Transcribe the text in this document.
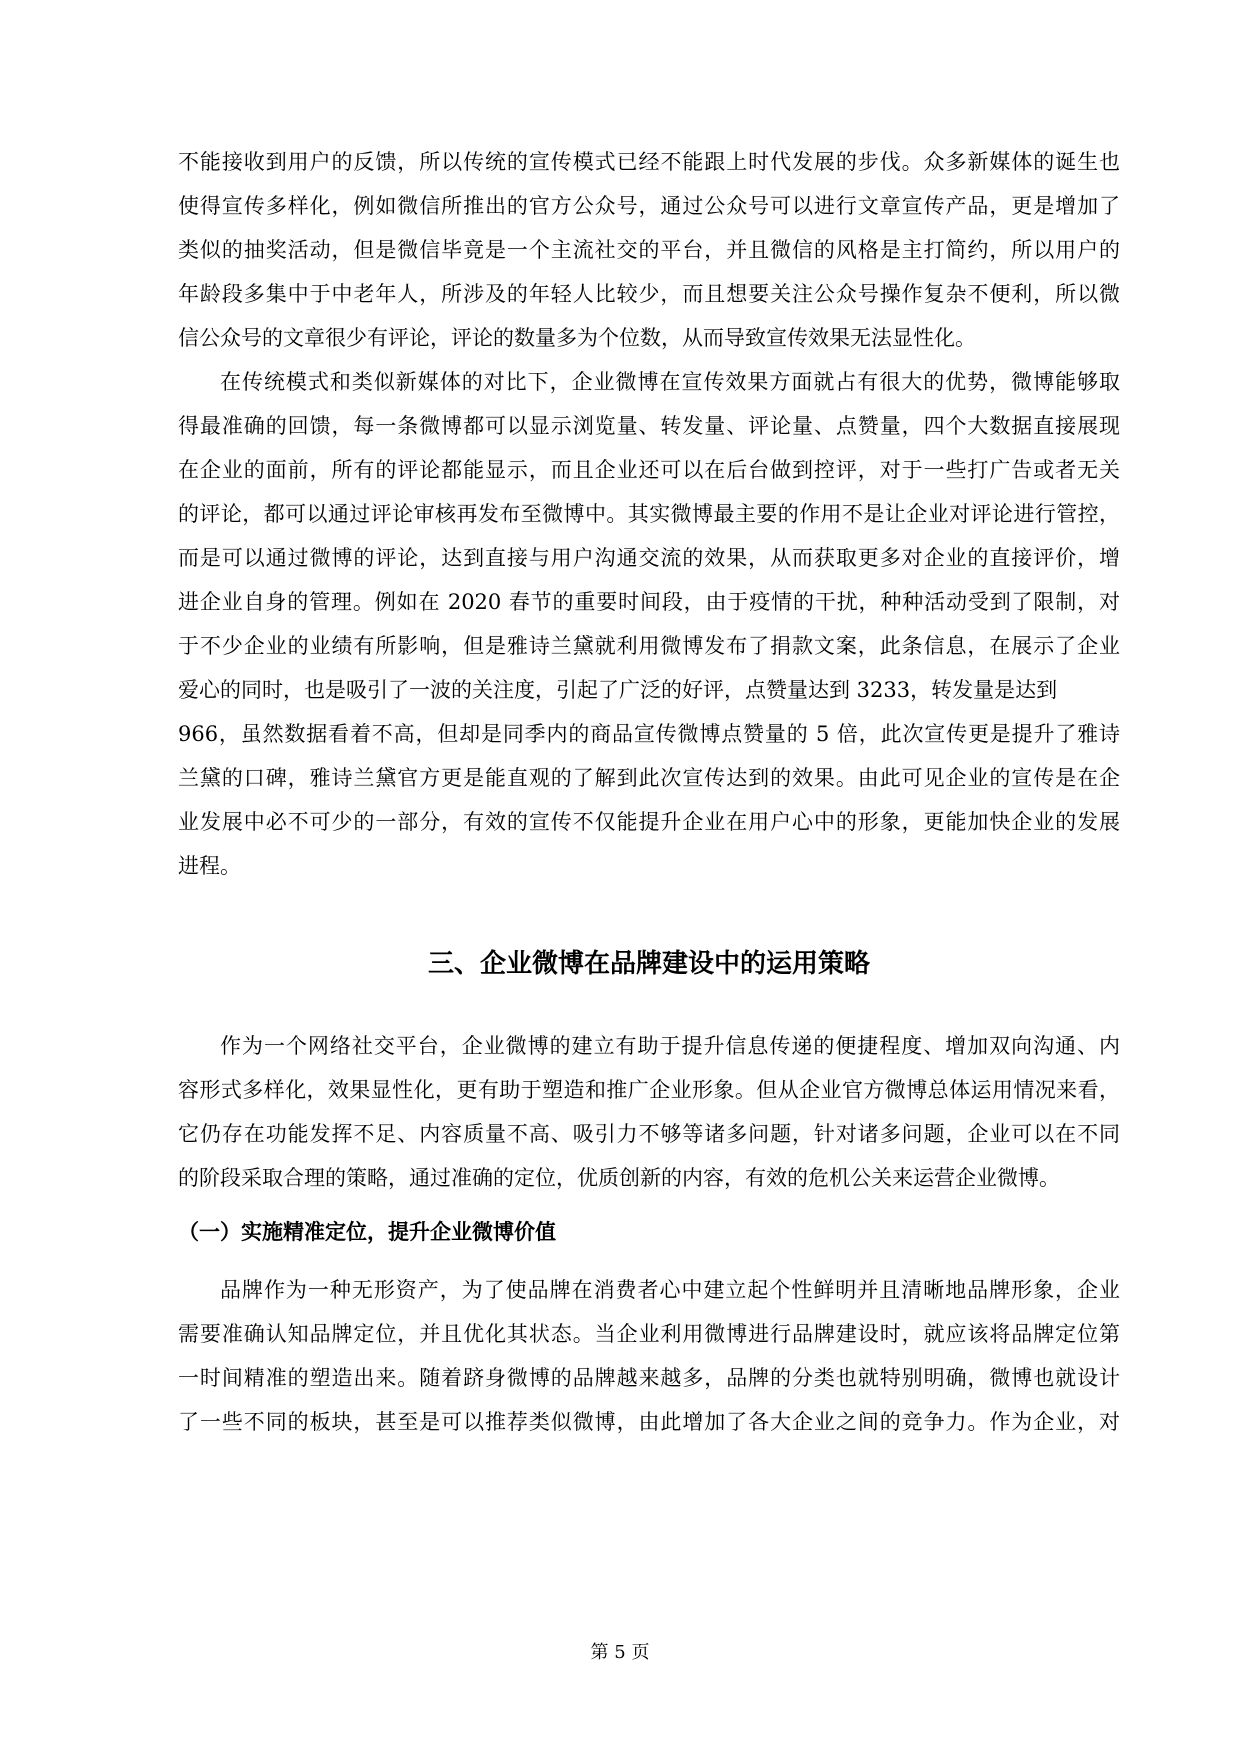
不能接收到用户的反馈，所以传统的宣传模式已经不能跟上时代发展的步伐。众多新媒体的诞生也
使得宣传多样化，例如微信所推出的官方公众号，通过公众号可以进行文章宣传产品，更是增加了
类似的抽奖活动，但是微信毕竟是一个主流社交的平台，并且微信的风格是主打简约，所以用户的
年龄段多集中于中老年人，所涉及的年轻人比较少，而且想要关注公众号操作复杂不便利，所以微
信公众号的文章很少有评论，评论的数量多为个位数，从而导致宣传效果无法显性化。
在传统模式和类似新媒体的对比下，企业微博在宣传效果方面就占有很大的优势，微博能够取
得最准确的回馈，每一条微博都可以显示浏览量、转发量、评论量、点赞量，四个大数据直接展现
在企业的面前，所有的评论都能显示，而且企业还可以在后台做到控评，对于一些打广告或者无关
的评论，都可以通过评论审核再发布至微博中。其实微博最主要的作用不是让企业对评论进行管控，
而是可以通过微博的评论，达到直接与用户沟通交流的效果，从而获取更多对企业的直接评价，增
进企业自身的管理。例如在 2020 春节的重要时间段，由于疫情的干扰，种种活动受到了限制，对
于不少企业的业绩有所影响，但是雅诗兰黛就利用微博发布了捐款文案，此条信息，在展示了企业
爱心的同时，也是吸引了一波的关注度，引起了广泛的好评，点赞量达到 3233，转发量是达到
966，虽然数据看着不高，但却是同季内的商品宣传微博点赞量的 5 倍，此次宣传更是提升了雅诗
兰黛的口碑，雅诗兰黛官方更是能直观的了解到此次宣传达到的效果。由此可见企业的宣传是在企
业发展中必不可少的一部分，有效的宣传不仅能提升企业在用户心中的形象，更能加快企业的发展
进程。
三、企业微博在品牌建设中的运用策略
作为一个网络社交平台，企业微博的建立有助于提升信息传递的便捷程度、增加双向沟通、内
容形式多样化，效果显性化，更有助于塑造和推广企业形象。但从企业官方微博总体运用情况来看，
它仍存在功能发挥不足、内容质量不高、吸引力不够等诸多问题，针对诸多问题，企业可以在不同
的阶段采取合理的策略，通过准确的定位，优质创新的内容，有效的危机公关来运营企业微博。
（一）实施精准定位，提升企业微博价值
品牌作为一种无形资产，为了使品牌在消费者心中建立起个性鲜明并且清晰地品牌形象，企业
需要准确认知品牌定位，并且优化其状态。当企业利用微博进行品牌建设时，就应该将品牌定位第
一时间精准的塑造出来。随着跻身微博的品牌越来越多，品牌的分类也就特别明确，微博也就设计
了一些不同的板块，甚至是可以推荐类似微博，由此增加了各大企业之间的竞争力。作为企业，对
第 5 页
